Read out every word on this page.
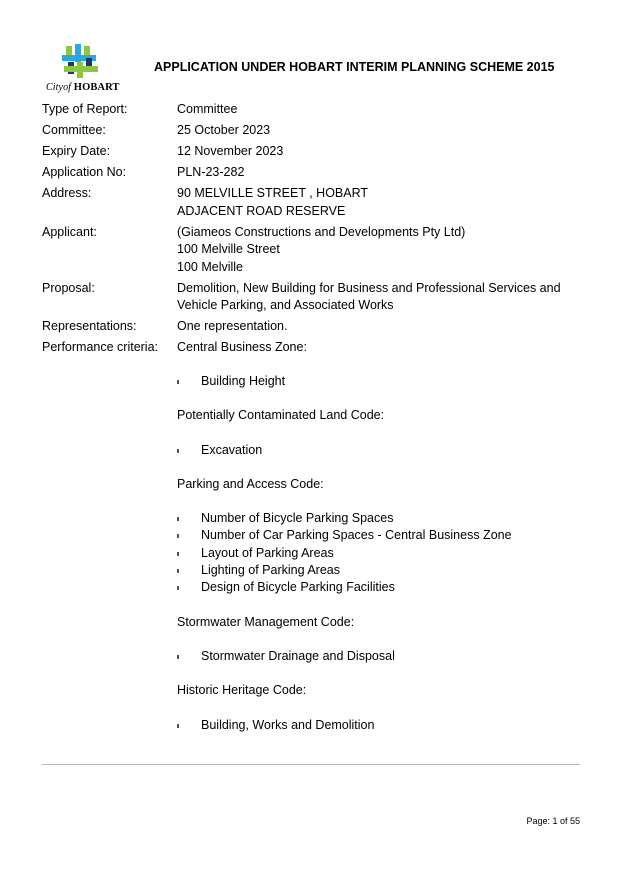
Cityof HOBART
APPLICATION UNDER HOBART INTERIM PLANNING SCHEME 2015
Type of Report:	Committee
Committee:	25 October 2023
Expiry Date:	12 November 2023
Application No:	PLN-23-282
Address:	90 MELVILLE STREET , HOBART
ADJACENT ROAD RESERVE
Applicant:	(Giameos Constructions and Developments Pty Ltd)
100 Melville Street
100 Melville
Proposal:	Demolition, New Building for Business and Professional Services and Vehicle Parking, and Associated Works
Representations:	One representation.
Performance criteria:	Central Business Zone:
Building Height
Potentially Contaminated Land Code:
Excavation
Parking and Access Code:
Number of Bicycle Parking Spaces
Number of Car Parking Spaces - Central Business Zone
Layout of Parking Areas
Lighting of Parking Areas
Design of Bicycle Parking Facilities
Stormwater Management Code:
Stormwater Drainage and Disposal
Historic Heritage Code:
Building, Works and Demolition
Page: 1 of 55
